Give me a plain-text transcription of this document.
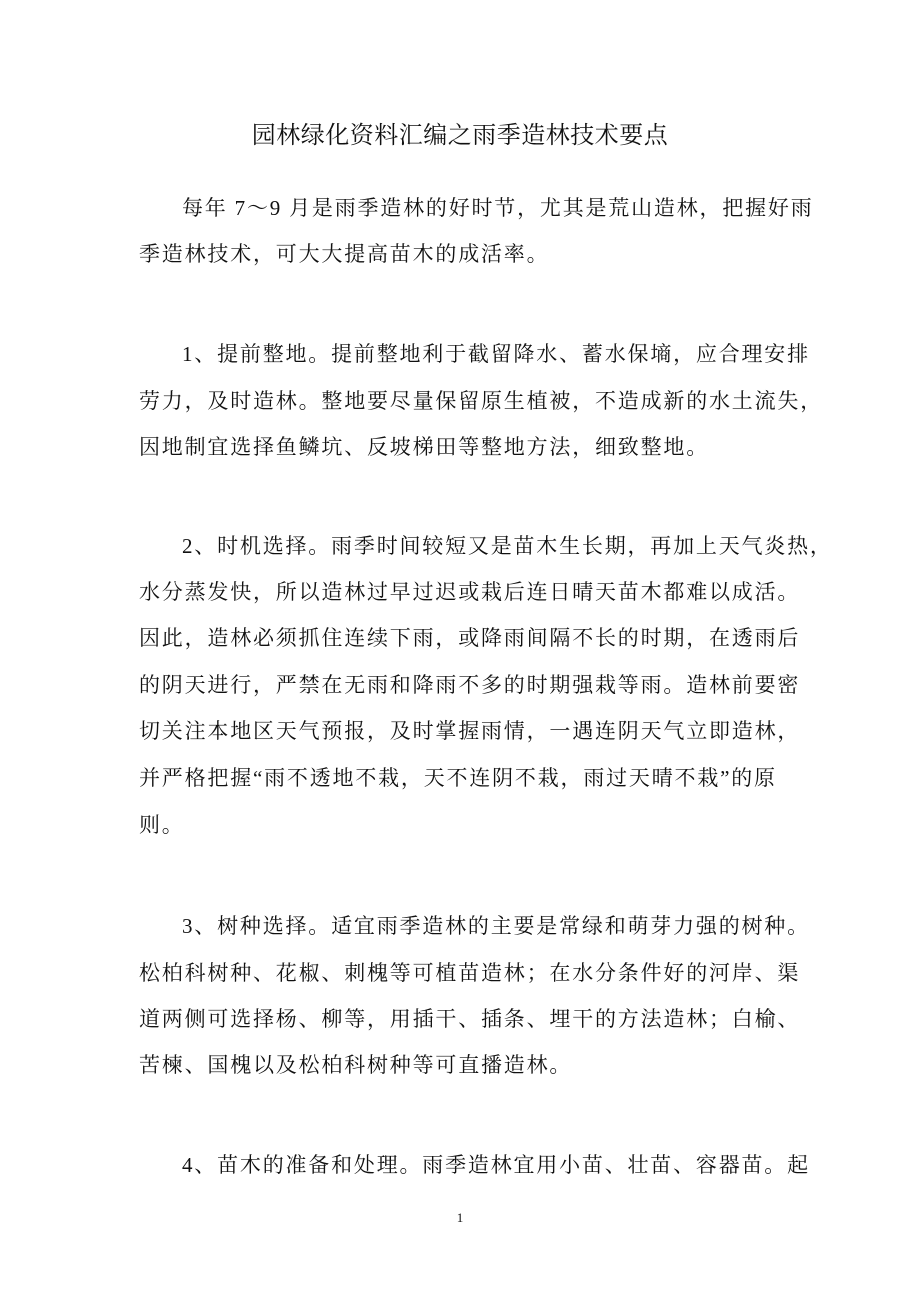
园林绿化资料汇编之雨季造林技术要点
每年 7～9 月是雨季造林的好时节，尤其是荒山造林，把握好雨
季造林技术，可大大提高苗木的成活率。
1、提前整地。提前整地利于截留降水、蓄水保墒，应合理安排
劳力，及时造林。整地要尽量保留原生植被，不造成新的水土流失，
因地制宜选择鱼鳞坑、反坡梯田等整地方法，细致整地。
2、时机选择。雨季时间较短又是苗木生长期，再加上天气炎热，
水分蒸发快，所以造林过早过迟或栽后连日晴天苗木都难以成活。
因此，造林必须抓住连续下雨，或降雨间隔不长的时期，在透雨后
的阴天进行，严禁在无雨和降雨不多的时期强栽等雨。造林前要密
切关注本地区天气预报，及时掌握雨情，一遇连阴天气立即造林，
并严格把握“雨不透地不栽，天不连阴不栽，雨过天晴不栽”的原
则。
3、树种选择。适宜雨季造林的主要是常绿和萌芽力强的树种。
松柏科树种、花椒、刺槐等可植苗造林；在水分条件好的河岸、渠
道两侧可选择杨、柳等，用插干、插条、埋干的方法造林；白榆、
苦楝、国槐以及松柏科树种等可直播造林。
4、苗木的准备和处理。雨季造林宜用小苗、壮苗、容器苗。起
1
